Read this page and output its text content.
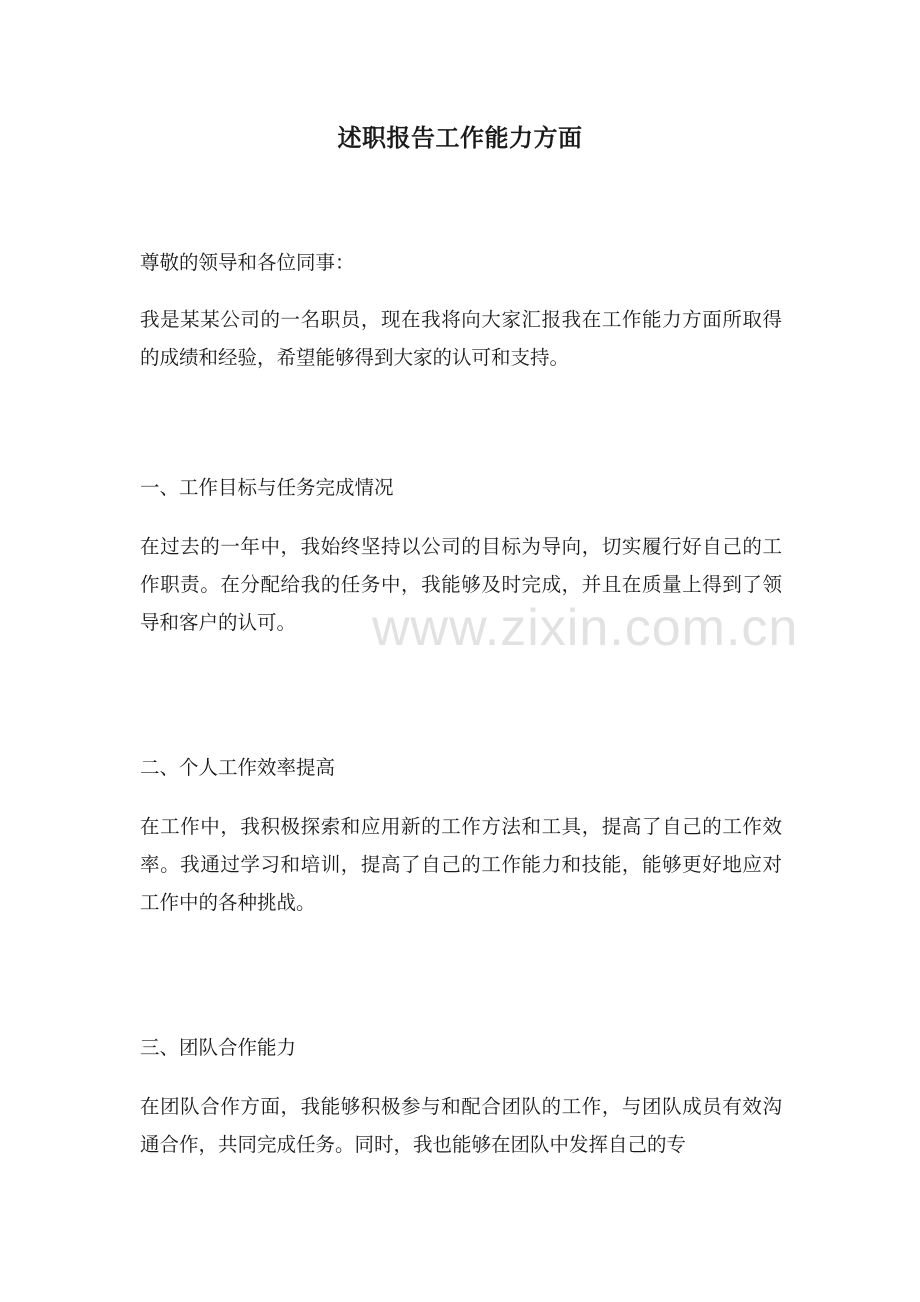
述职报告工作能力方面

尊敬的领导和各位同事：

我是某某公司的一名职员，现在我将向大家汇报我在工作能力方面所取得的成绩和经验，希望能够得到大家的认可和支持。

一、工作目标与任务完成情况

在过去的一年中，我始终坚持以公司的目标为导向，切实履行好自己的工作职责。在分配给我的任务中，我能够及时完成，并且在质量上得到了领导和客户的认可。

二、个人工作效率提高

在工作中，我积极探索和应用新的工作方法和工具，提高了自己的工作效率。我通过学习和培训，提高了自己的工作能力和技能，能够更好地应对工作中的各种挑战。

三、团队合作能力

在团队合作方面，我能够积极参与和配合团队的工作，与团队成员有效沟通合作，共同完成任务。同时，我也能够在团队中发挥自己的专

www.zixin.com.cn
